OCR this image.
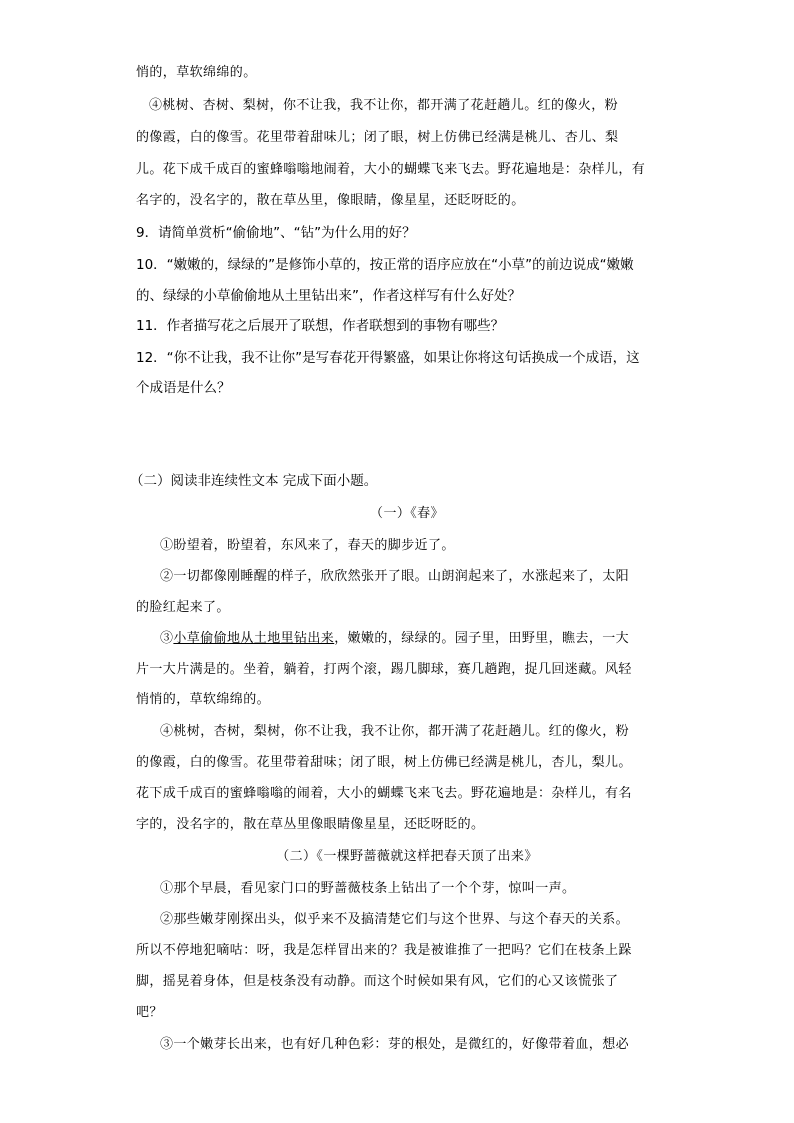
悄的，草软绵绵的。
④桃树、杏树、梨树，你不让我，我不让你，都开满了花赶趟儿。红的像火，粉
的像霞，白的像雪。花里带着甜味儿；闭了眼，树上仿佛已经满是桃儿、杏儿、梨
儿。花下成千成百的蜜蜂嗡嗡地闹着，大小的蝴蝶飞来飞去。野花遍地是：杂样儿，有
名字的，没名字的，散在草丛里，像眼睛，像星星，还眨呀眨的。
9．请简单赏析“偷偷地”、“钻”为什么用的好？
10．“嫩嫩的，绿绿的”是修饰小草的，按正常的语序应放在“小草”的前边说成“嫩嫩
的、绿绿的小草偷偷地从土里钻出来”，作者这样写有什么好处？
11．作者描写花之后展开了联想，作者联想到的事物有哪些？
12．“你不让我，我不让你”是写春花开得繁盛，如果让你将这句话换成一个成语，这
个成语是什么？
（二）阅读非连续性文本 完成下面小题。
（一）《春》
①盼望着，盼望着，东风来了，春天的脚步近了。
②一切都像刚睡醒的样子，欣欣然张开了眼。山朗润起来了，水涨起来了，太阳
的脸红起来了。
③小草偷偷地从土地里钻出来，嫩嫩的，绿绿的。园子里，田野里，瞧去，一大
片一大片满是的。坐着，躺着，打两个滚，踢几脚球，赛几趟跑，捉几回迷藏。风轻
悄悄的，草软绵绵的。
④桃树，杏树，梨树，你不让我，我不让你，都开满了花赶趟儿。红的像火，粉
的像霞，白的像雪。花里带着甜味；闭了眼，树上仿佛已经满是桃儿，杏儿，梨儿。
花下成千成百的蜜蜂嗡嗡的闹着，大小的蝴蝶飞来飞去。野花遍地是：杂样儿，有名
字的，没名字的，散在草丛里像眼睛像星星，还眨呀眨的。
（二）《一棵野蔷薇就这样把春天顶了出来》
①那个早晨，看见家门口的野蔷薇枝条上钻出了一个个芽，惊叫一声。
②那些嫩芽刚探出头，似乎来不及搞清楚它们与这个世界、与这个春天的关系。
所以不停地犯嘀咕：呀，我是怎样冒出来的？我是被谁推了一把吗？它们在枝条上跺
脚，摇晃着身体，但是枝条没有动静。而这个时候如果有风，它们的心又该慌张了
吧？
③一个嫩芽长出来，也有好几种色彩：芽的根处，是微红的，好像带着血，想必
